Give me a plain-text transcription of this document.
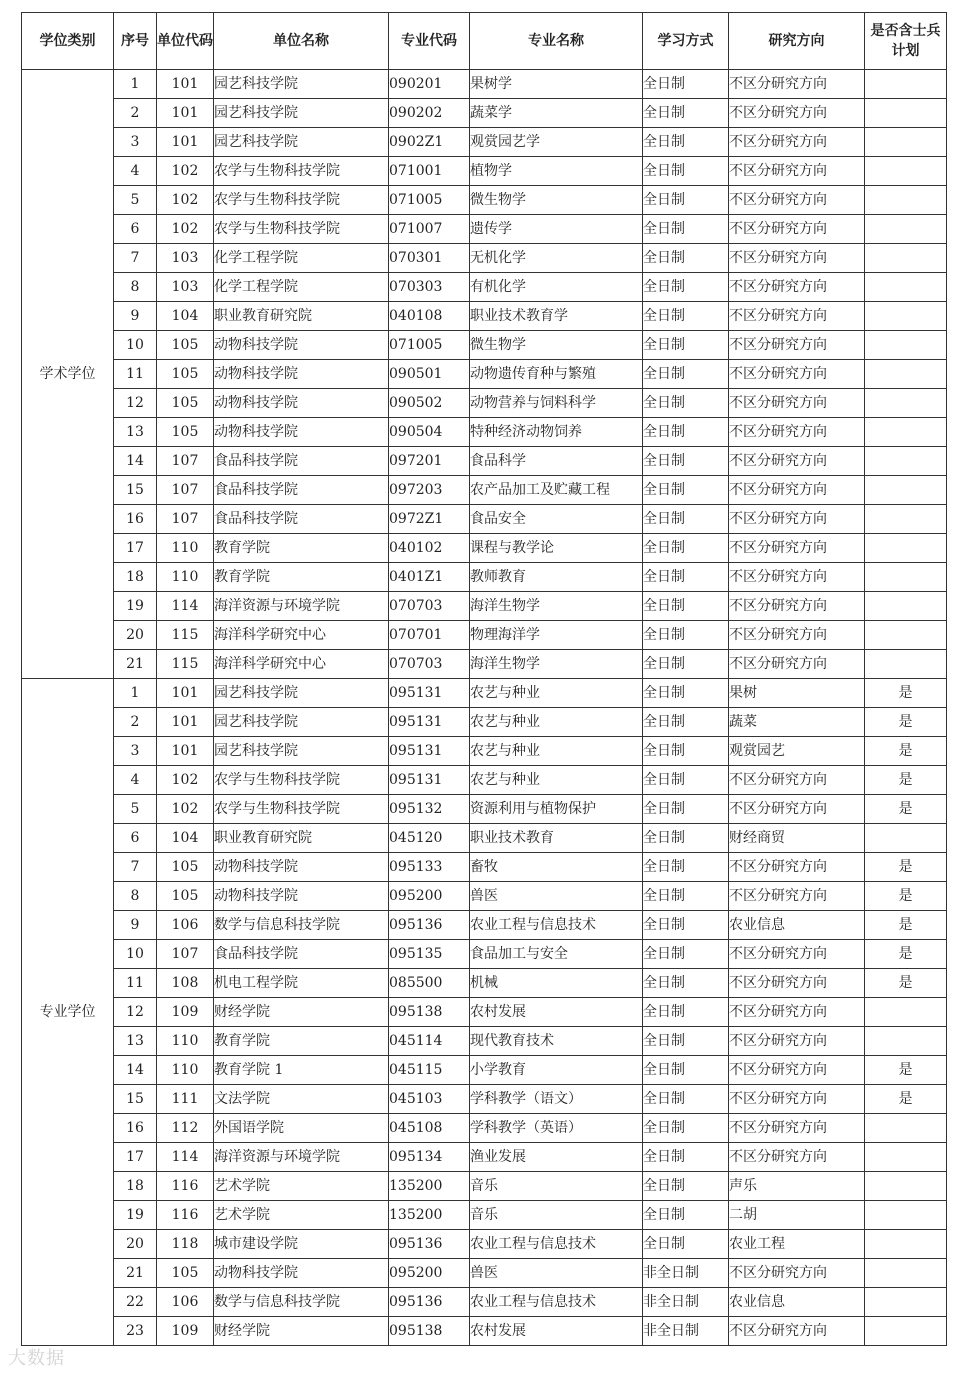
学位类别	序号	单位代码	单位名称	专业代码	专业名称	学习方式	研究方向	是否含士兵计划
学术学位	1	101	园艺科技学院	090201	果树学	全日制	不区分研究方向	
	2	101	园艺科技学院	090202	蔬菜学	全日制	不区分研究方向	
	3	101	园艺科技学院	0902Z1	观赏园艺学	全日制	不区分研究方向	
	4	102	农学与生物科技学院	071001	植物学	全日制	不区分研究方向	
	5	102	农学与生物科技学院	071005	微生物学	全日制	不区分研究方向	
	6	102	农学与生物科技学院	071007	遗传学	全日制	不区分研究方向	
	7	103	化学工程学院	070301	无机化学	全日制	不区分研究方向	
	8	103	化学工程学院	070303	有机化学	全日制	不区分研究方向	
	9	104	职业教育研究院	040108	职业技术教育学	全日制	不区分研究方向	
	10	105	动物科技学院	071005	微生物学	全日制	不区分研究方向	
	11	105	动物科技学院	090501	动物遗传育种与繁殖	全日制	不区分研究方向	
	12	105	动物科技学院	090502	动物营养与饲料科学	全日制	不区分研究方向	
	13	105	动物科技学院	090504	特种经济动物饲养	全日制	不区分研究方向	
	14	107	食品科技学院	097201	食品科学	全日制	不区分研究方向	
	15	107	食品科技学院	097203	农产品加工及贮藏工程	全日制	不区分研究方向	
	16	107	食品科技学院	0972Z1	食品安全	全日制	不区分研究方向	
	17	110	教育学院	040102	课程与教学论	全日制	不区分研究方向	
	18	110	教育学院	0401Z1	教师教育	全日制	不区分研究方向	
	19	114	海洋资源与环境学院	070703	海洋生物学	全日制	不区分研究方向	
	20	115	海洋科学研究中心	070701	物理海洋学	全日制	不区分研究方向	
	21	115	海洋科学研究中心	070703	海洋生物学	全日制	不区分研究方向	
专业学位	1	101	园艺科技学院	095131	农艺与种业	全日制	果树	是
	2	101	园艺科技学院	095131	农艺与种业	全日制	蔬菜	是
	3	101	园艺科技学院	095131	农艺与种业	全日制	观赏园艺	是
	4	102	农学与生物科技学院	095131	农艺与种业	全日制	不区分研究方向	是
	5	102	农学与生物科技学院	095132	资源利用与植物保护	全日制	不区分研究方向	是
	6	104	职业教育研究院	045120	职业技术教育	全日制	财经商贸	
	7	105	动物科技学院	095133	畜牧	全日制	不区分研究方向	是
	8	105	动物科技学院	095200	兽医	全日制	不区分研究方向	是
	9	106	数学与信息科技学院	095136	农业工程与信息技术	全日制	农业信息	是
	10	107	食品科技学院	095135	食品加工与安全	全日制	不区分研究方向	是
	11	108	机电工程学院	085500	机械	全日制	不区分研究方向	是
	12	109	财经学院	095138	农村发展	全日制	不区分研究方向	
	13	110	教育学院	045114	现代教育技术	全日制	不区分研究方向	
	14	110	教育学院 1	045115	小学教育	全日制	不区分研究方向	是
	15	111	文法学院	045103	学科教学（语文）	全日制	不区分研究方向	是
	16	112	外国语学院	045108	学科教学（英语）	全日制	不区分研究方向	
	17	114	海洋资源与环境学院	095134	渔业发展	全日制	不区分研究方向	
	18	116	艺术学院	135200	音乐	全日制	声乐	
	19	116	艺术学院	135200	音乐	全日制	二胡	
	20	118	城市建设学院	095136	农业工程与信息技术	全日制	农业工程	
	21	105	动物科技学院	095200	兽医	非全日制	不区分研究方向	
	22	106	数学与信息科技学院	095136	农业工程与信息技术	非全日制	农业信息	
	23	109	财经学院	095138	农村发展	非全日制	不区分研究方向	
大数据
